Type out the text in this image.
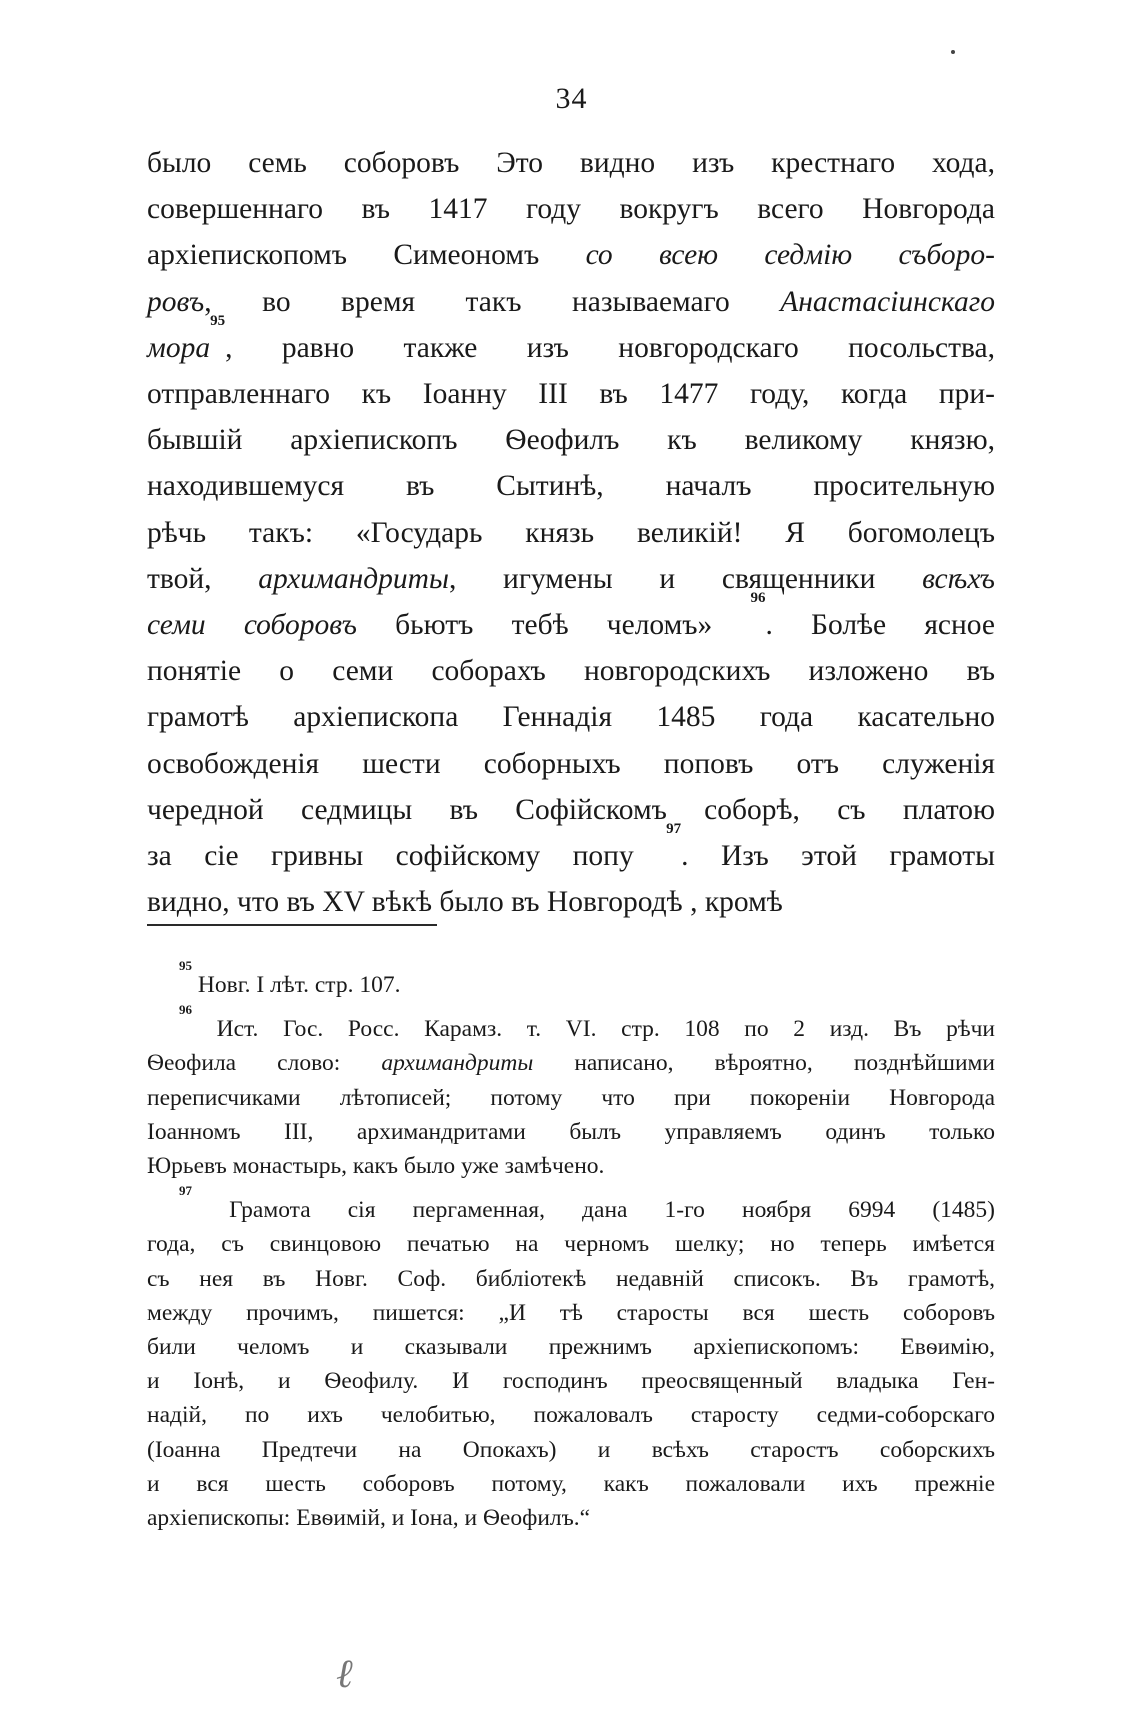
34
было семь соборовъ Это видно изъ крестнаго хода,
совершеннаго въ 1417 году вокругъ всего Новгорода
архіепископомъ Симеономъ со всею седмію съборо-
ровъ, во время такъ называемаго Анастасіинскаго
мора$^{95}$, равно также изъ новгородскаго посольства,
отправленнаго къ Іоанну III въ 1477 году, когда при-
бывшій архіепископъ Ѳеофилъ къ великому князю,
находившемуся въ Сытинѣ, началъ просительную
рѣчь такъ: «Государь князь великій! Я богомолецъ
твой, архимандриты, игумены и священники всѣхъ
семи соборовъ бьютъ тебѣ челомъ» $^{96}$. Болѣе ясное
понятіе о семи соборахъ новгородскихъ изложено въ
грамотѣ архіепископа Геннадія 1485 года касательно
освобожденія шести соборныхъ поповъ отъ служенія
чередной седмицы въ Софійскомъ соборѣ, съ платою
за сіе гривны софійскому попу $^{97}$. Изъ этой грамоты
видно, что въ XV вѣкѣ было въ Новгородѣ , кромѣ
$^{95}$ Новг. I лѣт. стр. 107.
$^{96}$ Ист. Гос. Росс. Карамз. т. VI. стр. 108 по 2 изд. Въ рѣчи
Ѳеофила слово: архимандриты написано, вѣроятно, позднѣйшими
переписчиками лѣтописей; потому что при покореніи Новгорода
Іоанномъ III, архимандритами былъ управляемъ одинъ только
Юрьевъ монастырь, какъ было уже замѣчено.
$^{97}$ Грамота сія пергаменная, дана 1-го ноября 6994 (1485)
года, съ свинцовою печатью на черномъ шелку; но теперь имѣется
съ нея въ Новг. Соф. библіотекѣ недавній списокъ. Въ грамотѣ,
между прочимъ, пишется: „И тѣ старосты вся шесть соборовъ
били челомъ и сказывали прежнимъ архіепископомъ: Евѳимію,
и Іонѣ, и Ѳеофилу. И господинъ преосвященный владыка Ген-
надій, по ихъ челобитью, пожаловалъ старосту седми-соборскаго
(Іоанна Предтечи на Опокахъ) и всѣхъ старостъ соборскихъ
и вся шесть соборовъ потому, какъ пожаловали ихъ прежніе
архіепископы: Евѳимій, и Іона, и Ѳеофилъ.“
ℓ
